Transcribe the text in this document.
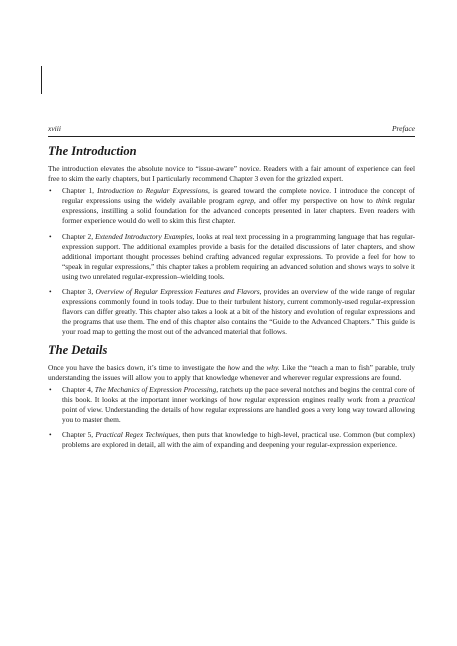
xviii	Preface
The Introduction

The introduction elevates the absolute novice to “issue-aware” novice. Readers with a fair amount of experience can feel free to skim the early chapters, but I particularly recommend Chapter 3 even for the grizzled expert.

• Chapter 1, Introduction to Regular Expressions, is geared toward the complete novice. I introduce the concept of regular expressions using the widely available program egrep, and offer my perspective on how to think regular expressions, instilling a solid foundation for the advanced concepts presented in later chapters. Even readers with former experience would do well to skim this first chapter.
• Chapter 2, Extended Introductory Examples, looks at real text processing in a programming language that has regular-expression support. The additional examples provide a basis for the detailed discussions of later chapters, and show additional important thought processes behind crafting advanced regular expressions. To provide a feel for how to “speak in regular expressions,” this chapter takes a problem requiring an advanced solution and shows ways to solve it using two unrelated regular-expression–wielding tools.
• Chapter 3, Overview of Regular Expression Features and Flavors, provides an overview of the wide range of regular expressions commonly found in tools today. Due to their turbulent history, current commonly-used regular-expression flavors can differ greatly. This chapter also takes a look at a bit of the history and evolution of regular expressions and the programs that use them. The end of this chapter also contains the “Guide to the Advanced Chapters.” This guide is your road map to getting the most out of the advanced material that follows.
The Details

Once you have the basics down, it’s time to investigate the how and the why. Like the “teach a man to fish” parable, truly understanding the issues will allow you to apply that knowledge whenever and wherever regular expressions are found.

• Chapter 4, The Mechanics of Expression Processing, ratchets up the pace several notches and begins the central core of this book. It looks at the important inner workings of how regular expression engines really work from a practical point of view. Understanding the details of how regular expressions are handled goes a very long way toward allowing you to master them.
• Chapter 5, Practical Regex Techniques, then puts that knowledge to high-level, practical use. Common (but complex) problems are explored in detail, all with the aim of expanding and deepening your regular-expression experience.
